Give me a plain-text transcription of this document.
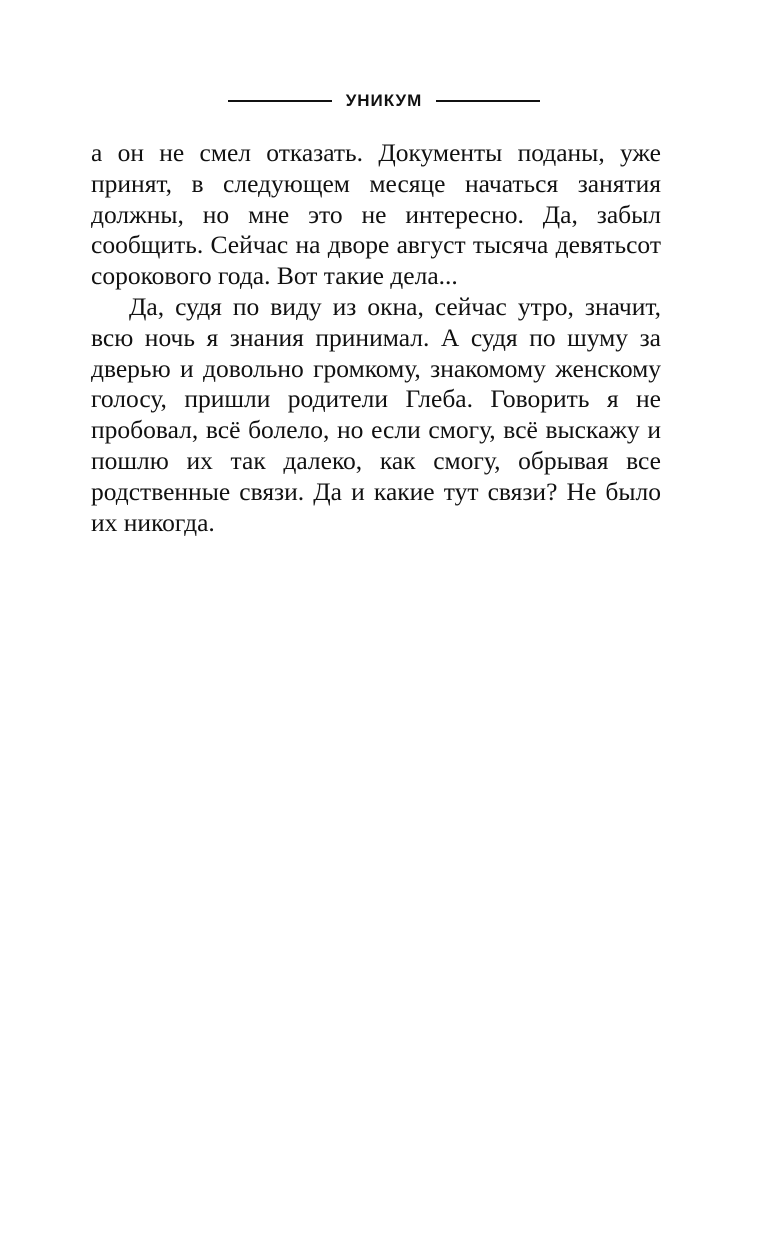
УНИКУМ

а он не смел отказать. Документы поданы, уже принят, в следующем месяце начаться занятия должны, но мне это не интересно. Да, забыл сообщить. Сейчас на дворе август тысяча девятьсот сорокового года. Вот такие дела...

Да, судя по виду из окна, сейчас утро, значит, всю ночь я знания принимал. А судя по шуму за дверью и довольно громкому, знакомому женскому голосу, пришли родители Глеба. Говорить я не пробовал, всё болело, но если смогу, всё выскажу и пошлю их так далеко, как смогу, обрывая все родственные связи. Да и какие тут связи? Не было их никогда.
